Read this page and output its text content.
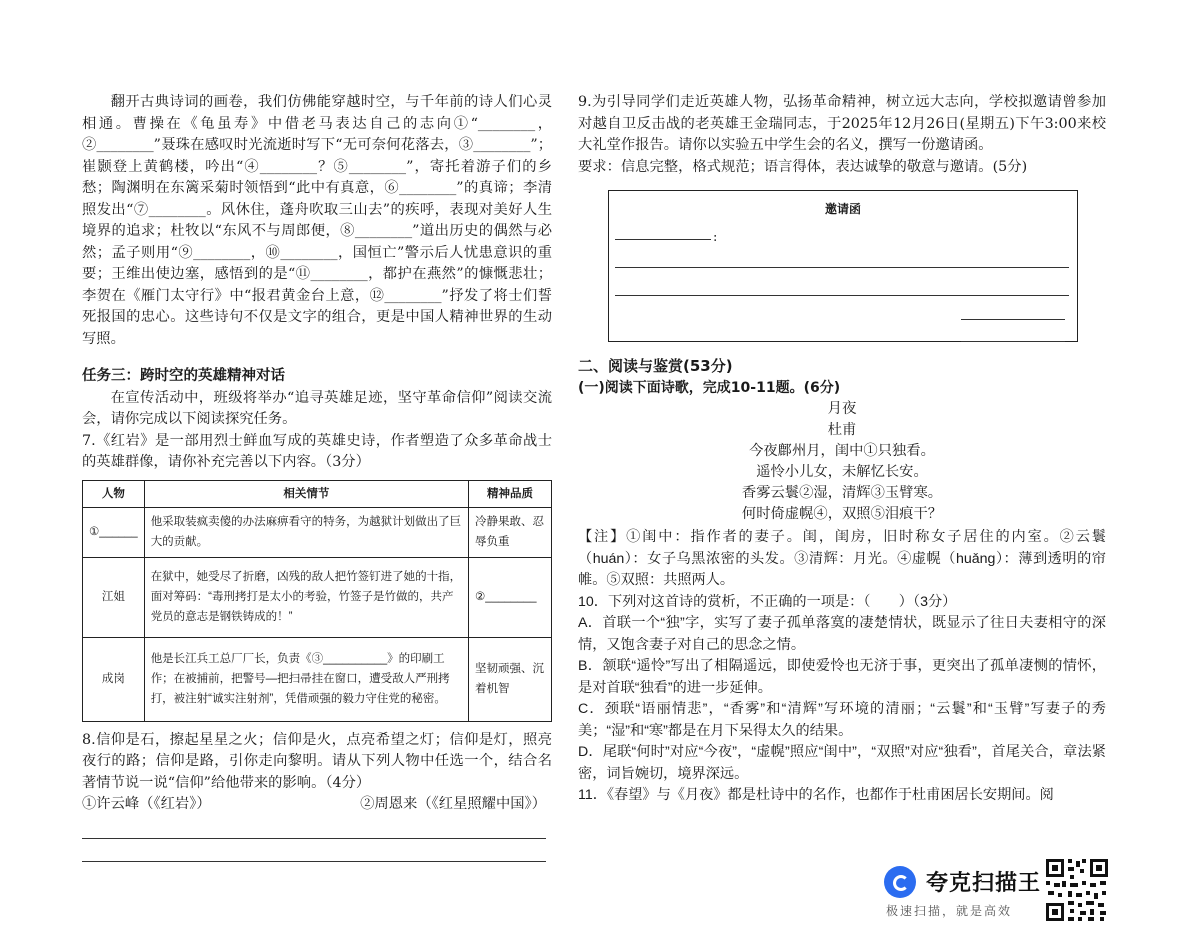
翻开古典诗词的画卷，我们仿佛能穿越时空，与千年前的诗人们心灵相通。曹操在《龟虽寿》中借老马表达自己的志向①“________，②________”聂珠在感叹时光流逝时写下“无可奈何花落去，③________”；崔颢登上黄鹤楼，吟出“④________？⑤________”，寄托着游子们的乡愁；陶渊明在东篱采菊时领悟到“此中有真意，⑥________”的真谛；李清照发出“⑦________。风休住，蓬舟吹取三山去”的疾呼，表现对美好人生境界的追求；杜牧以“东风不与周郎便，⑧________”道出历史的偶然与必然；孟子则用“⑨________，⑩________，国恒亡”警示后人忧患意识的重要；王维出使边塞，感悟到的是“⑪________，都护在燕然”的慷慨悲壮；李贺在《雁门太守行》中“报君黄金台上意，⑫________”抒发了将士们誓死报国的忠心。这些诗句不仅是文字的组合，更是中国人精神世界的生动写照。

任务三：跨时空的英雄精神对话

在宣传活动中，班级将举办“追寻英雄足迹，坚守革命信仰”阅读交流会，请你完成以下阅读探究任务。

7.《红岩》是一部用烈士鲜血写成的英雄史诗，作者塑造了众多革命战士的英雄群像，请你补充完善以下内容。（3分）

人物	相关情节	精神品质
①______	他采取装疯卖傻的办法麻痹看守的特务，为越狱计划做出了巨大的贡献。	冷静果敢、忍辱负重
江姐	在狱中，她受尽了折磨，凶残的敌人把竹签钉进了她的十指，面对筹码：“毒刑拷打是太小的考验，竹签子是竹做的，共产党员的意志是钢铁铸成的！”	②________
成岗	他是长江兵工总厂厂长，负责《③__________》的印刷工作；在被捕前，把警号—把扫帚挂在窗口，遭受敌人严刑拷打，被注射“诚实注射剂”，凭借顽强的毅力守住党的秘密。	坚韧顽强、沉着机智

8.信仰是石，擦起星星之火；信仰是火，点亮希望之灯；信仰是灯，照亮夜行的路；信仰是路，引你走向黎明。请从下列人物中任选一个，结合名著情节说一说“信仰”给他带来的影响。（4分）

①许云峰（《红岩》）	②周恩来（《红星照耀中国》）

9.为引导同学们走近英雄人物，弘扬革命精神，树立远大志向，学校拟邀请曾参加对越自卫反击战的老英雄王金瑞同志，于2025年12月26日(星期五)下午3:00来校大礼堂作报告。请你以实验五中学生会的名义，撰写一份邀请函。

要求：信息完整，格式规范；语言得体，表达诚挚的敬意与邀请。(5分)

邀请函
:

二、阅读与鉴赏(53分)

(一)阅读下面诗歌，完成10-11题。(6分)

月夜
杜甫
今夜鄜州月，闺中①只独看。
遥怜小儿女，未解忆长安。
香雾云鬟②湿，清辉③玉臂寒。
何时倚虚幌④，双照⑤泪痕干？

【注】①闺中：指作者的妻子。闺，闺房，旧时称女子居住的内室。②云鬟（huán）：女子乌黑浓密的头发。③清辉：月光。④虚幌（huǎng）：薄到透明的帘帷。⑤双照：共照两人。

10．下列对这首诗的赏析，不正确的一项是：（　　）（3分）

A．首联一个“独”字，实写了妻子孤单落寞的凄楚情状，既显示了往日夫妻相守的深情，又饱含妻子对自己的思念之情。

B．颔联“遥怜”写出了相隔遥远，即使爱怜也无济于事，更突出了孤单凄恻的情怀，是对首联“独看”的进一步延伸。

C．颈联“语丽情悲”，“香雾”和“清辉”写环境的清丽；“云鬟”和“玉臂”写妻子的秀美；“湿”和“寒”都是在月下呆得太久的结果。

D．尾联“何时”对应“今夜”，“虚幌”照应“闺中”，“双照”对应“独看”，首尾关合，章法紧密，词旨婉切，境界深远。

11．《春望》与《月夜》都是杜诗中的名作，也都作于杜甫困居长安期间。阅

夸克扫描王
极速扫描，就是高效
